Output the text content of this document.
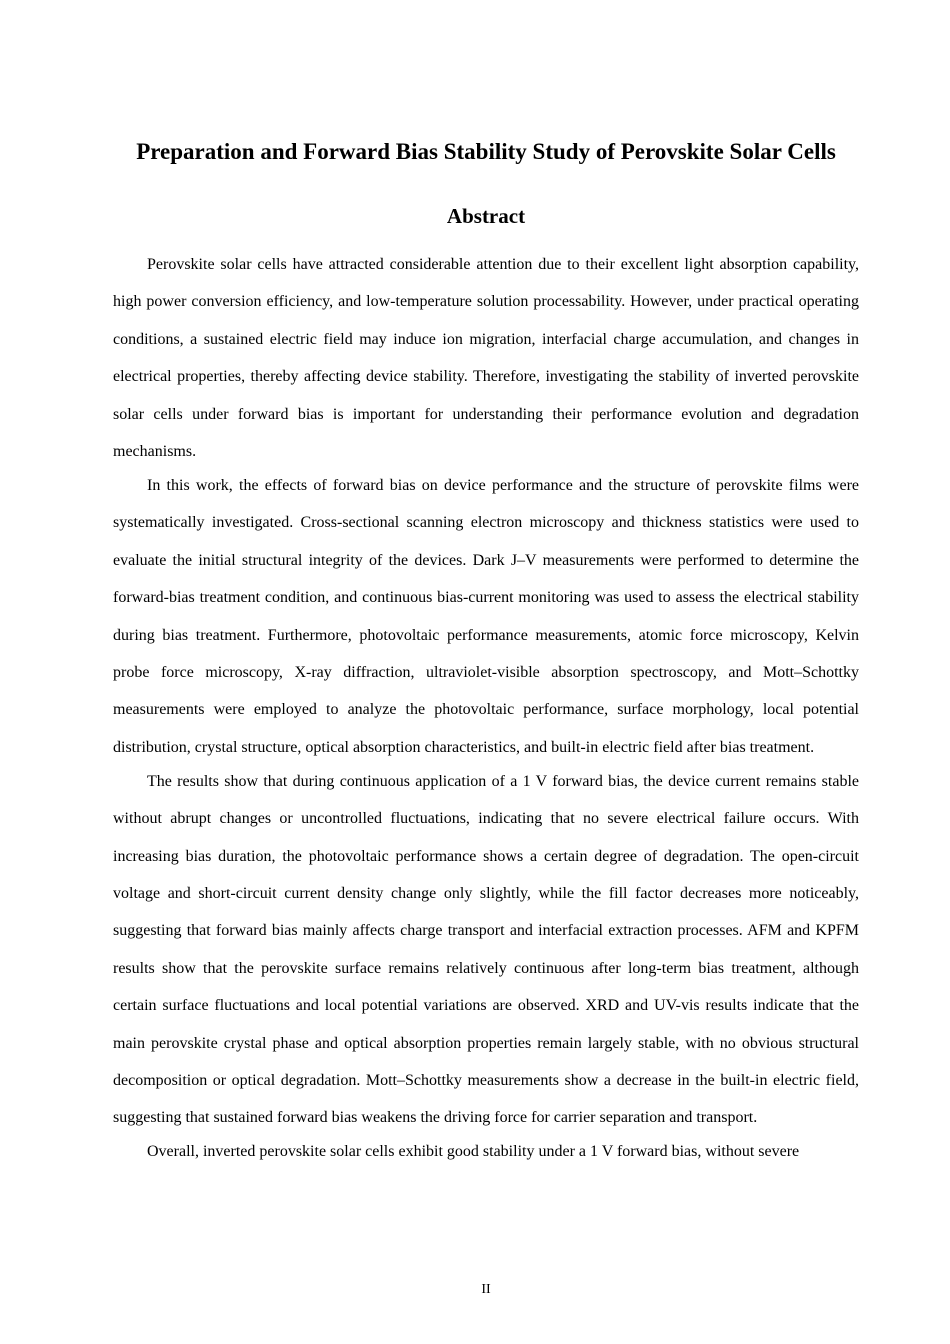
Preparation and Forward Bias Stability Study of Perovskite Solar Cells
Abstract

Perovskite solar cells have attracted considerable attention due to their excellent light absorption capability, high power conversion efficiency, and low-temperature solution processability. However, under practical operating conditions, a sustained electric field may induce ion migration, interfacial charge accumulation, and changes in electrical properties, thereby affecting device stability. Therefore, investigating the stability of inverted perovskite solar cells under forward bias is important for understanding their performance evolution and degradation mechanisms.

In this work, the effects of forward bias on device performance and the structure of perovskite films were systematically investigated. Cross-sectional scanning electron microscopy and thickness statistics were used to evaluate the initial structural integrity of the devices. Dark J–V measurements were performed to determine the forward-bias treatment condition, and continuous bias-current monitoring was used to assess the electrical stability during bias treatment. Furthermore, photovoltaic performance measurements, atomic force microscopy, Kelvin probe force microscopy, X-ray diffraction, ultraviolet-visible absorption spectroscopy, and Mott–Schottky measurements were employed to analyze the photovoltaic performance, surface morphology, local potential distribution, crystal structure, optical absorption characteristics, and built-in electric field after bias treatment.

The results show that during continuous application of a 1 V forward bias, the device current remains stable without abrupt changes or uncontrolled fluctuations, indicating that no severe electrical failure occurs. With increasing bias duration, the photovoltaic performance shows a certain degree of degradation. The open-circuit voltage and short-circuit current density change only slightly, while the fill factor decreases more noticeably, suggesting that forward bias mainly affects charge transport and interfacial extraction processes. AFM and KPFM results show that the perovskite surface remains relatively continuous after long-term bias treatment, although certain surface fluctuations and local potential variations are observed. XRD and UV-vis results indicate that the main perovskite crystal phase and optical absorption properties remain largely stable, with no obvious structural decomposition or optical degradation. Mott–Schottky measurements show a decrease in the built-in electric field, suggesting that sustained forward bias weakens the driving force for carrier separation and transport.

Overall, inverted perovskite solar cells exhibit good stability under a 1 V forward bias, without severe

II
